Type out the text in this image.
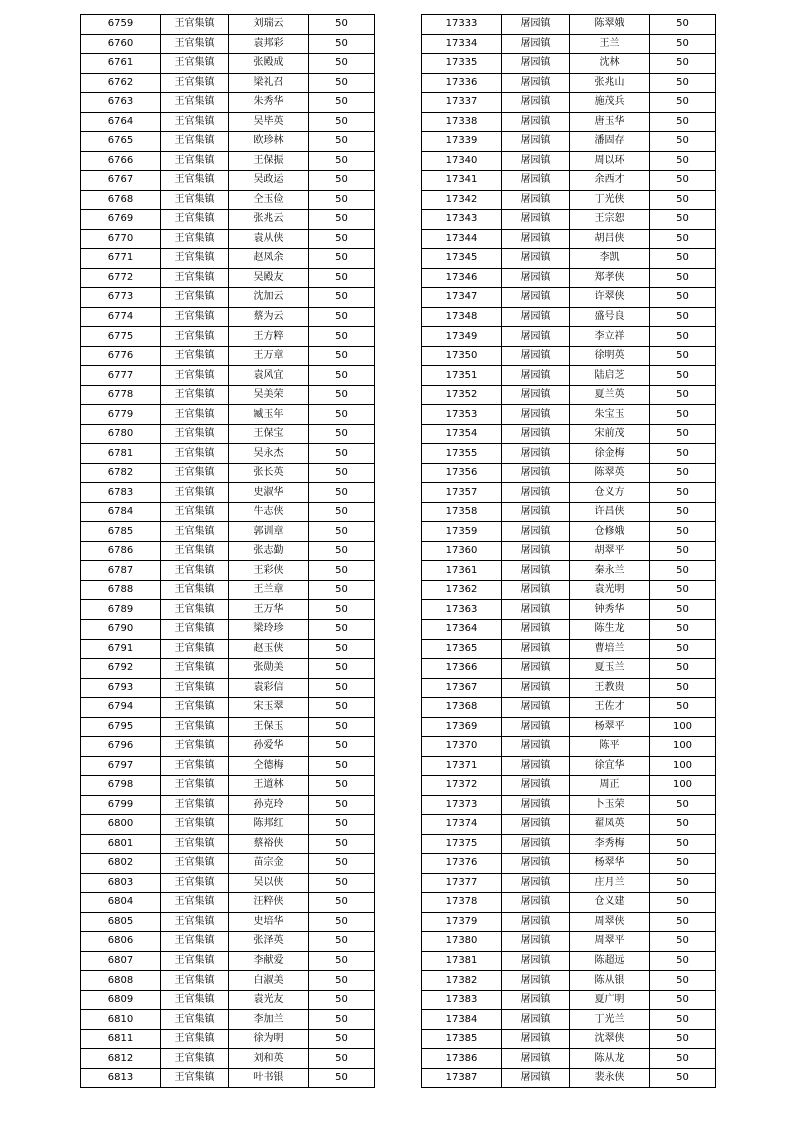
6759	王官集镇	刘瑞云	50
6760	王官集镇	袁邦彩	50
6761	王官集镇	张殿成	50
6762	王官集镇	梁礼召	50
6763	王官集镇	朱秀华	50
6764	王官集镇	吴毕英	50
6765	王官集镇	欧珍林	50
6766	王官集镇	王保振	50
6767	王官集镇	吴政运	50
6768	王官集镇	仝玉俭	50
6769	王官集镇	张兆云	50
6770	王官集镇	袁从侠	50
6771	王官集镇	赵凤余	50
6772	王官集镇	吴殿友	50
6773	王官集镇	沈加云	50
6774	王官集镇	蔡为云	50
6775	王官集镇	王方粹	50
6776	王官集镇	王万章	50
6777	王官集镇	袁风宜	50
6778	王官集镇	吴美荣	50
6779	王官集镇	臧玉年	50
6780	王官集镇	王保宝	50
6781	王官集镇	吴永杰	50
6782	王官集镇	张长英	50
6783	王官集镇	史淑华	50
6784	王官集镇	牛志侠	50
6785	王官集镇	郭训章	50
6786	王官集镇	张志勤	50
6787	王官集镇	王彩侠	50
6788	王官集镇	王兰章	50
6789	王官集镇	王万华	50
6790	王官集镇	梁玲珍	50
6791	王官集镇	赵玉侠	50
6792	王官集镇	张勋美	50
6793	王官集镇	袁彩信	50
6794	王官集镇	宋玉翠	50
6795	王官集镇	王保玉	50
6796	王官集镇	孙爱华	50
6797	王官集镇	仝德梅	50
6798	王官集镇	王道林	50
6799	王官集镇	孙克玲	50
6800	王官集镇	陈邦红	50
6801	王官集镇	蔡裕侠	50
6802	王官集镇	苗宗金	50
6803	王官集镇	吴以侠	50
6804	王官集镇	汪粹侠	50
6805	王官集镇	史培华	50
6806	王官集镇	张泽英	50
6807	王官集镇	李献爱	50
6808	王官集镇	白淑美	50
6809	王官集镇	袁光友	50
6810	王官集镇	李加兰	50
6811	王官集镇	徐为明	50
6812	王官集镇	刘和英	50
6813	王官集镇	叶书银	50
17333	屠园镇	陈翠娥	50
17334	屠园镇	王兰	50
17335	屠园镇	沈林	50
17336	屠园镇	张兆山	50
17337	屠园镇	施茂兵	50
17338	屠园镇	唐玉华	50
17339	屠园镇	潘固存	50
17340	屠园镇	周以环	50
17341	屠园镇	余西才	50
17342	屠园镇	丁光侠	50
17343	屠园镇	王宗恕	50
17344	屠园镇	胡吕侠	50
17345	屠园镇	李凯	50
17346	屠园镇	郑孝侠	50
17347	屠园镇	许翠侠	50
17348	屠园镇	盛号良	50
17349	屠园镇	李立祥	50
17350	屠园镇	徐明英	50
17351	屠园镇	陆启芝	50
17352	屠园镇	夏兰英	50
17353	屠园镇	朱宝玉	50
17354	屠园镇	宋前茂	50
17355	屠园镇	徐金梅	50
17356	屠园镇	陈翠英	50
17357	屠园镇	仓义方	50
17358	屠园镇	许昌侠	50
17359	屠园镇	仓修娥	50
17360	屠园镇	胡翠平	50
17361	屠园镇	秦永兰	50
17362	屠园镇	袁光明	50
17363	屠园镇	钟秀华	50
17364	屠园镇	陈生龙	50
17365	屠园镇	曹培兰	50
17366	屠园镇	夏玉兰	50
17367	屠园镇	王教贵	50
17368	屠园镇	王佐才	50
17369	屠园镇	杨翠平	100
17370	屠园镇	陈平	100
17371	屠园镇	徐宜华	100
17372	屠园镇	周正	100
17373	屠园镇	卜玉荣	50
17374	屠园镇	翟凤英	50
17375	屠园镇	李秀梅	50
17376	屠园镇	杨翠华	50
17377	屠园镇	庄月兰	50
17378	屠园镇	仓义建	50
17379	屠园镇	周翠侠	50
17380	屠园镇	周翠平	50
17381	屠园镇	陈超远	50
17382	屠园镇	陈从银	50
17383	屠园镇	夏广明	50
17384	屠园镇	丁光兰	50
17385	屠园镇	沈翠侠	50
17386	屠园镇	陈从龙	50
17387	屠园镇	裴永侠	50
